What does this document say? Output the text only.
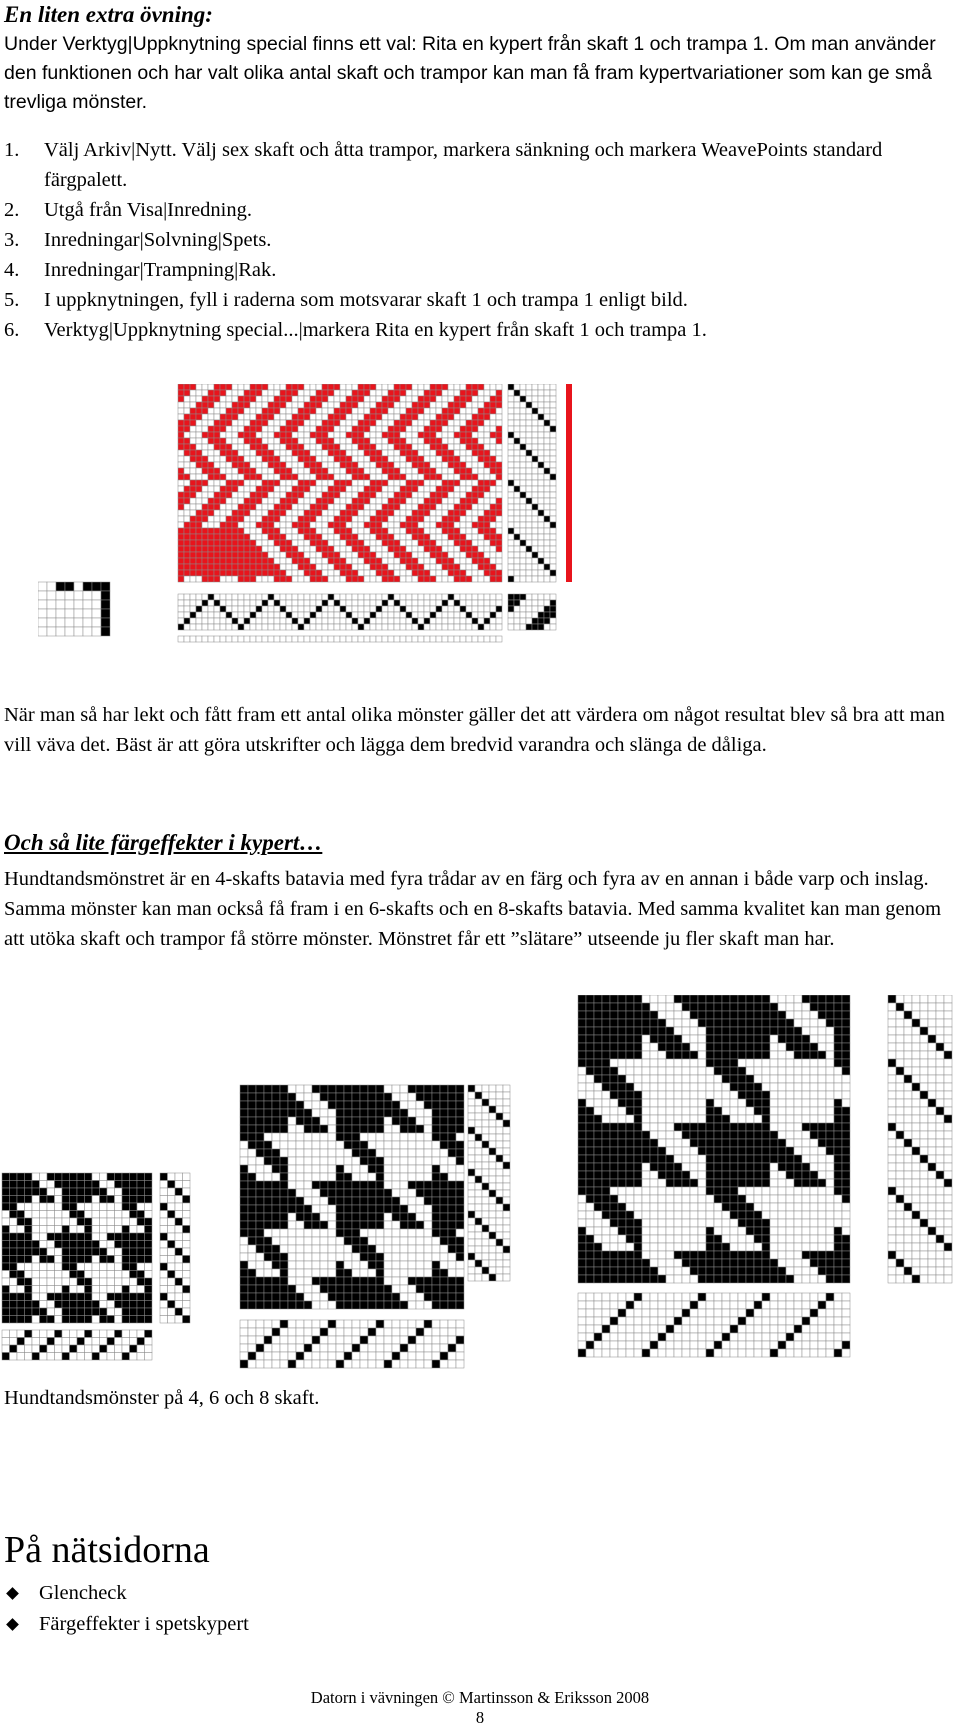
En liten extra övning:
Under Verktyg|Uppknytning special finns ett val: Rita en kypert från skaft 1 och trampa 1. Om man använder den funktionen och har valt olika antal skaft och trampor kan man få fram kypertvariationer som kan ge små trevliga mönster.
1.	Välj Arkiv|Nytt. Välj sex skaft och åtta trampor, markera sänkning och markera WeavePoints standard färgpalett.
2.	Utgå från Visa|Inredning.
3.	Inredningar|Solvning|Spets.
4.	Inredningar|Trampning|Rak.
5.	I uppknytningen, fyll i raderna som motsvarar skaft 1 och trampa 1 enligt bild.
6.	Verktyg|Uppknytning special...|markera Rita en kypert från skaft 1 och trampa 1.
När man så har lekt och fått fram ett antal olika mönster gäller det att värdera om något resultat blev så bra att man vill väva det. Bäst är att göra utskrifter och lägga dem bredvid varandra och slänga de dåliga.
Och så lite färgeffekter i kypert…
Hundtandsmönstret är en 4-skafts batavia med fyra trådar av en färg och fyra av en annan i både varp och inslag. Samma mönster kan man också få fram i en 6-skafts och en 8-skafts batavia. Med samma kvalitet kan man genom att utöka skaft och trampor få större mönster. Mönstret får ett ”slätare” utseende ju fler skaft man har.
Hundtandsmönster på 4, 6 och 8 skaft.
På nätsidorna
Glencheck
Färgeffekter i spetskypert
Datorn i vävningen © Martinsson & Eriksson 2008
8
